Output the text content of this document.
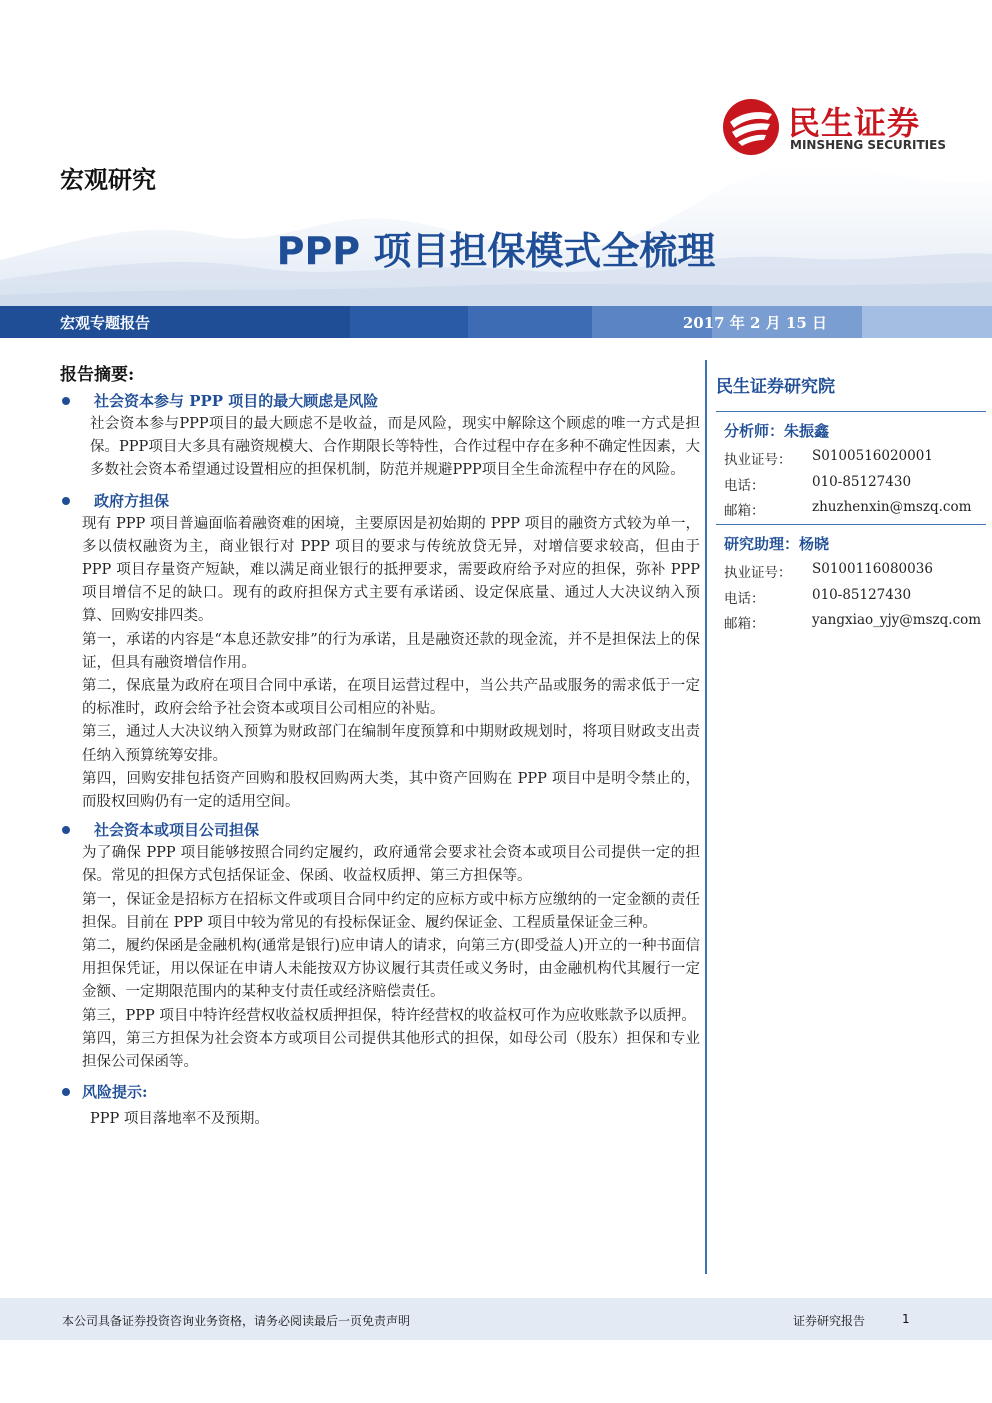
民生证券
MINSHENG SECURITIES
宏观研究
PPP 项目担保模式全梳理
宏观专题报告	2017 年 2 月 15 日
报告摘要:
社会资本参与 PPP 项目的最大顾虑是风险

社会资本参与PPP项目的最大顾虑不是收益，而是风险，现实中解除这个顾虑的唯一方式是担保。PPP项目大多具有融资规模大、合作期限长等特性，合作过程中存在多种不确定性因素，大多数社会资本希望通过设置相应的担保机制，防范并规避PPP项目全生命流程中存在的风险。

政府方担保

现有 PPP 项目普遍面临着融资难的困境，主要原因是初始期的 PPP 项目的融资方式较为单一，多以债权融资为主，商业银行对 PPP 项目的要求与传统放贷无异，对增信要求较高，但由于 PPP 项目存量资产短缺，难以满足商业银行的抵押要求，需要政府给予对应的担保，弥补 PPP 项目增信不足的缺口。现有的政府担保方式主要有承诺函、设定保底量、通过人大决议纳入预算、回购安排四类。

第一，承诺的内容是“本息还款安排”的行为承诺，且是融资还款的现金流，并不是担保法上的保证，但具有融资增信作用。

第二，保底量为政府在项目合同中承诺，在项目运营过程中，当公共产品或服务的需求低于一定的标准时，政府会给予社会资本或项目公司相应的补贴。

第三，通过人大决议纳入预算为财政部门在编制年度预算和中期财政规划时，将项目财政支出责任纳入预算统筹安排。

第四，回购安排包括资产回购和股权回购两大类，其中资产回购在 PPP 项目中是明令禁止的，而股权回购仍有一定的适用空间。

社会资本或项目公司担保

为了确保 PPP 项目能够按照合同约定履约，政府通常会要求社会资本或项目公司提供一定的担保。常见的担保方式包括保证金、保函、收益权质押、第三方担保等。

第一，保证金是招标方在招标文件或项目合同中约定的应标方或中标方应缴纳的一定金额的责任担保。目前在 PPP 项目中较为常见的有投标保证金、履约保证金、工程质量保证金三种。

第二，履约保函是金融机构(通常是银行)应申请人的请求，向第三方(即受益人)开立的一种书面信用担保凭证，用以保证在申请人未能按双方协议履行其责任或义务时，由金融机构代其履行一定金额、一定期限范围内的某种支付责任或经济赔偿责任。

第三，PPP 项目中特许经营权收益权质押担保，特许经营权的收益权可作为应收账款予以质押。

第四，第三方担保为社会资本方或项目公司提供其他形式的担保，如母公司（股东）担保和专业担保公司保函等。

风险提示:

PPP 项目落地率不及预期。

民生证券研究院
分析师：朱振鑫
执业证号： S0100516020001
电话：	010-85127430
邮箱：	zhuzhenxin@mszq.com
研究助理：杨晓
执业证号： S0100116080036
电话：	010-85127430
邮箱：	yangxiao_yjy@mszq.com
本公司具备证券投资咨询业务资格，请务必阅读最后一页免责声明	证券研究报告	1
